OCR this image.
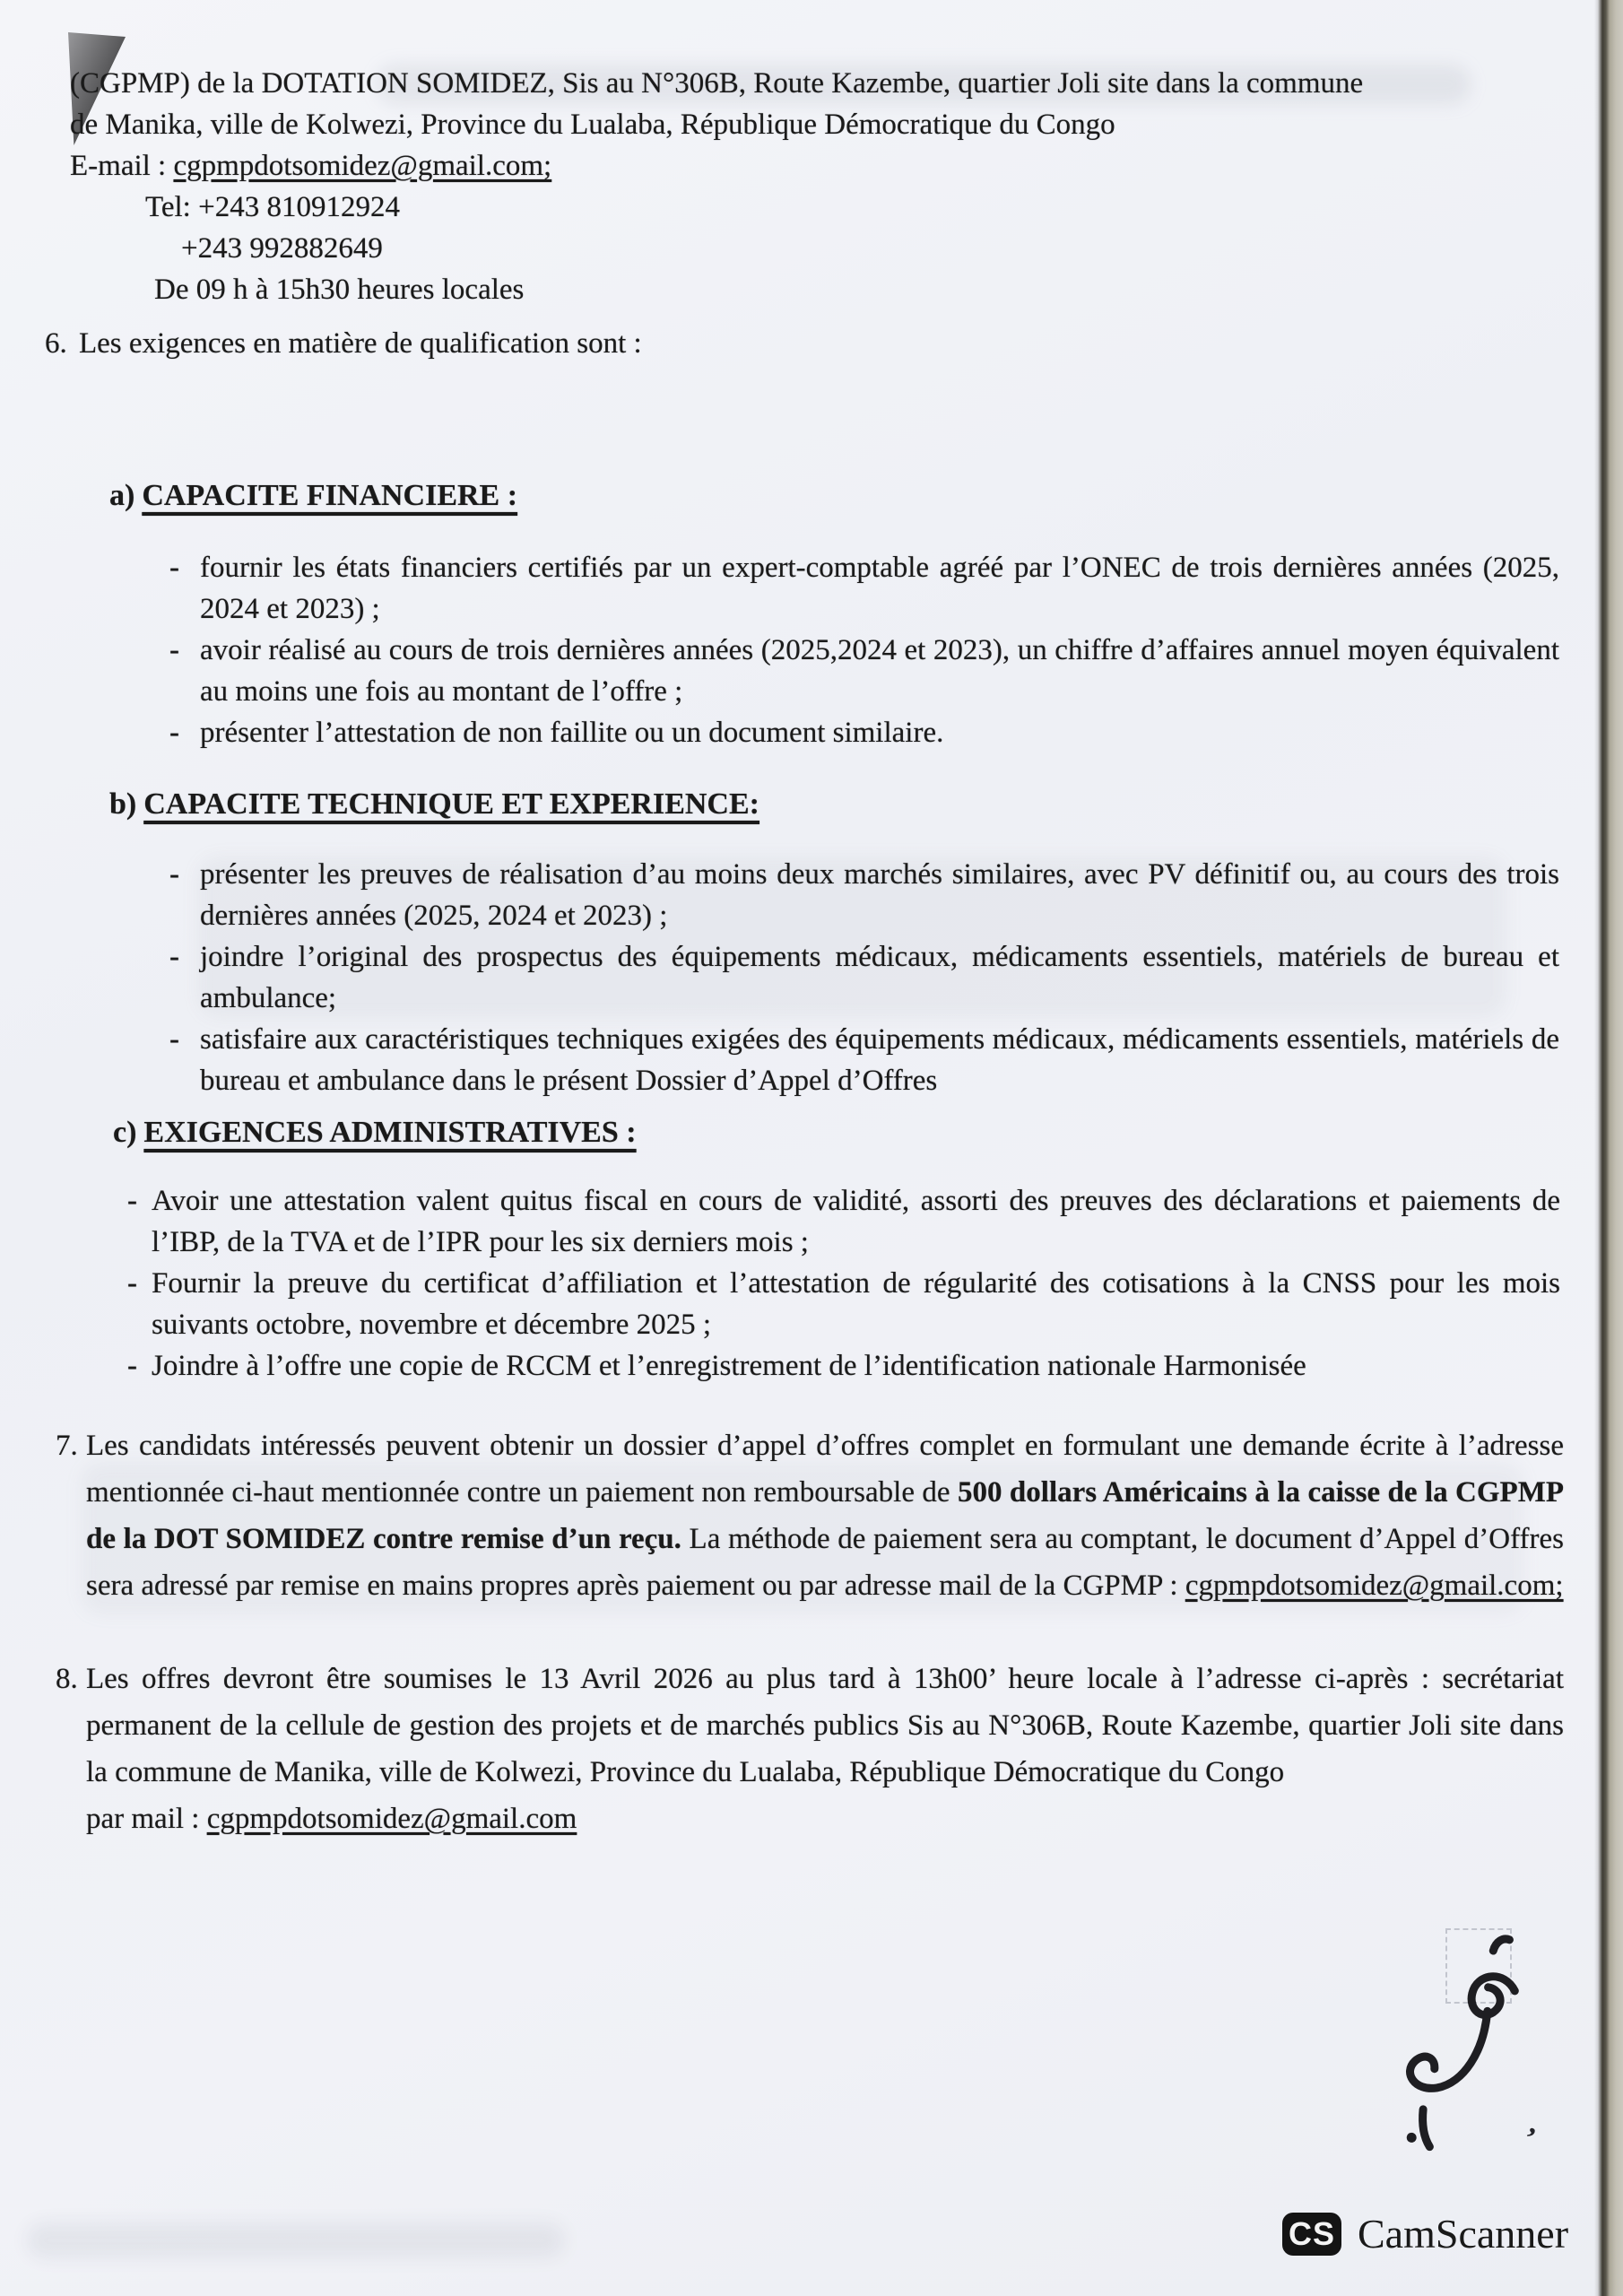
(CGPMP) de la DOTATION SOMIDEZ, Sis au N°306B, Route Kazembe, quartier Joli site dans la commune
de Manika, ville de Kolwezi, Province du Lualaba, République Démocratique du Congo
E-mail : cgpmpdotsomidez@gmail.com;
Tel: +243 810912924
+243 992882649
De 09 h à 15h30 heures locales
6. Les exigences en matière de qualification sont :
a) CAPACITE FINANCIERE :
- fournir les états financiers certifiés par un expert-comptable agréé par l’ONEC de trois dernières années (2025, 2024 et 2023) ;
- avoir réalisé au cours de trois dernières années (2025,2024 et 2023), un chiffre d’affaires annuel moyen équivalent au moins une fois au montant de l’offre ;
- présenter l’attestation de non faillite ou un document similaire.
b) CAPACITE TECHNIQUE ET EXPERIENCE:
- présenter les preuves de réalisation d’au moins deux marchés similaires, avec PV définitif ou, au cours des trois dernières années (2025, 2024 et 2023) ;
- joindre l’original des prospectus des équipements médicaux, médicaments essentiels, matériels de bureau et ambulance;
- satisfaire aux caractéristiques techniques exigées des équipements médicaux, médicaments essentiels, matériels de bureau et ambulance dans le présent Dossier d’Appel d’Offres
c) EXIGENCES ADMINISTRATIVES :
- Avoir une attestation valent quitus fiscal en cours de validité, assorti des preuves des déclarations et paiements de l’IBP, de la TVA et de l’IPR pour les six derniers mois ;
- Fournir la preuve du certificat d’affiliation et l’attestation de régularité des cotisations à la CNSS pour les mois suivants octobre, novembre et décembre 2025 ;
- Joindre à l’offre une copie de RCCM et l’enregistrement de l’identification nationale Harmonisée
7. Les candidats intéressés peuvent obtenir un dossier d’appel d’offres complet en formulant une demande écrite à l’adresse mentionnée ci-haut mentionnée contre un paiement non remboursable de 500 dollars Américains à la caisse de la CGPMP de la DOT SOMIDEZ contre remise d’un reçu. La méthode de paiement sera au comptant, le document d’Appel d’Offres sera adressé par remise en mains propres après paiement ou par adresse mail de la CGPMP : cgpmpdotsomidez@gmail.com;
8. Les offres devront être soumises le 13 Avril 2026 au plus tard à 13h00’ heure locale à l’adresse ci-après : secrétariat permanent de la cellule de gestion des projets et de marchés publics Sis au N°306B, Route Kazembe, quartier Joli site dans la commune de Manika, ville de Kolwezi, Province du Lualaba, République Démocratique du Congo
par mail : cgpmpdotsomidez@gmail.com
’
’
CS CamScanner
